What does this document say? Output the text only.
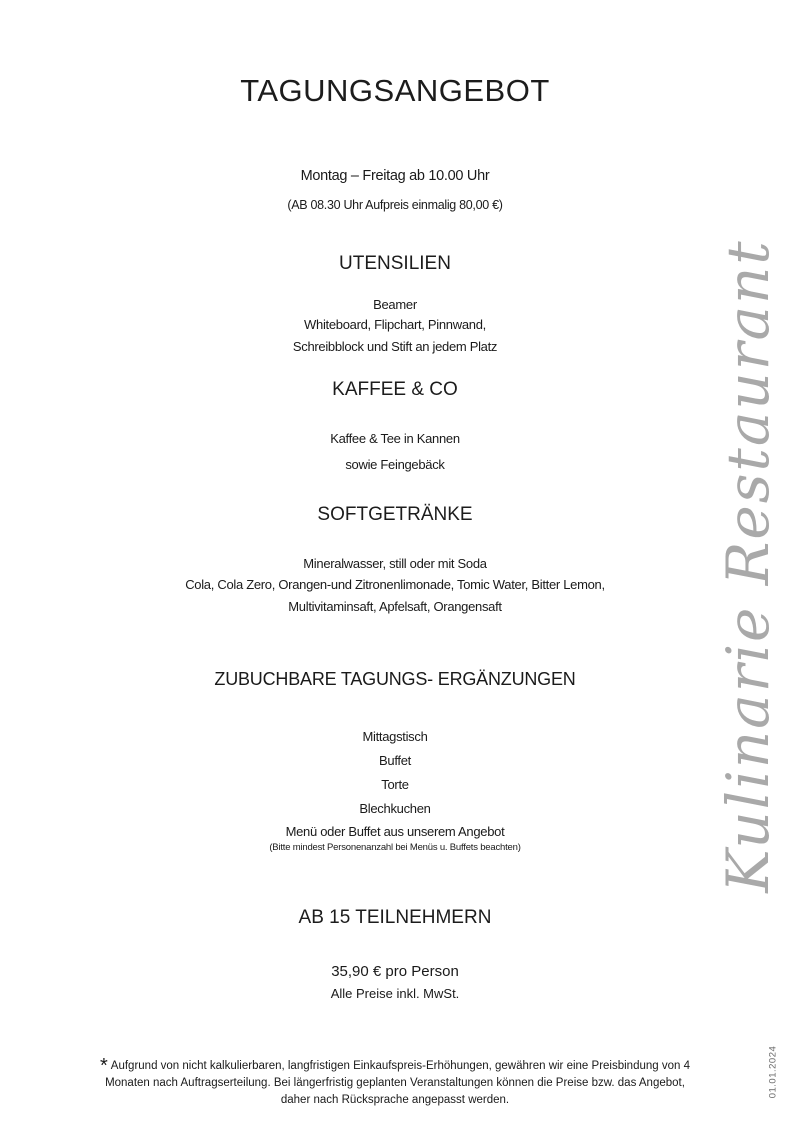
TAGUNGSANGEBOT
Montag – Freitag ab 10.00 Uhr
(AB 08.30 Uhr Aufpreis einmalig 80,00 €)
UTENSILIEN
Beamer
Whiteboard, Flipchart, Pinnwand,
Schreibblock und Stift an jedem Platz
KAFFEE & CO
Kaffee & Tee in Kannen
sowie Feingebäck
SOFTGETRÄNKE
Mineralwasser, still oder mit Soda
Cola, Cola Zero, Orangen-und Zitronenlimonade, Tomic Water, Bitter Lemon,
Multivitaminsaft, Apfelsaft, Orangensaft
ZUBUCHBARE TAGUNGS- ERGÄNZUNGEN
Mittagstisch
Buffet
Torte
Blechkuchen
Menü oder Buffet aus unserem Angebot
(Bitte mindest Personenanzahl bei Menüs u. Buffets beachten)
AB 15 TEILNEHMERN
35,90 € pro Person
Alle Preise inkl. MwSt.
* Aufgrund von nicht kalkulierbaren, langfristigen Einkaufspreis-Erhöhungen, gewähren wir eine Preisbindung von 4 Monaten nach Auftragserteilung. Bei längerfristig geplanten Veranstaltungen können die Preise bzw. das Angebot, daher nach Rücksprache angepasst werden.
01.01.2024
Kulinarie Restaurant
